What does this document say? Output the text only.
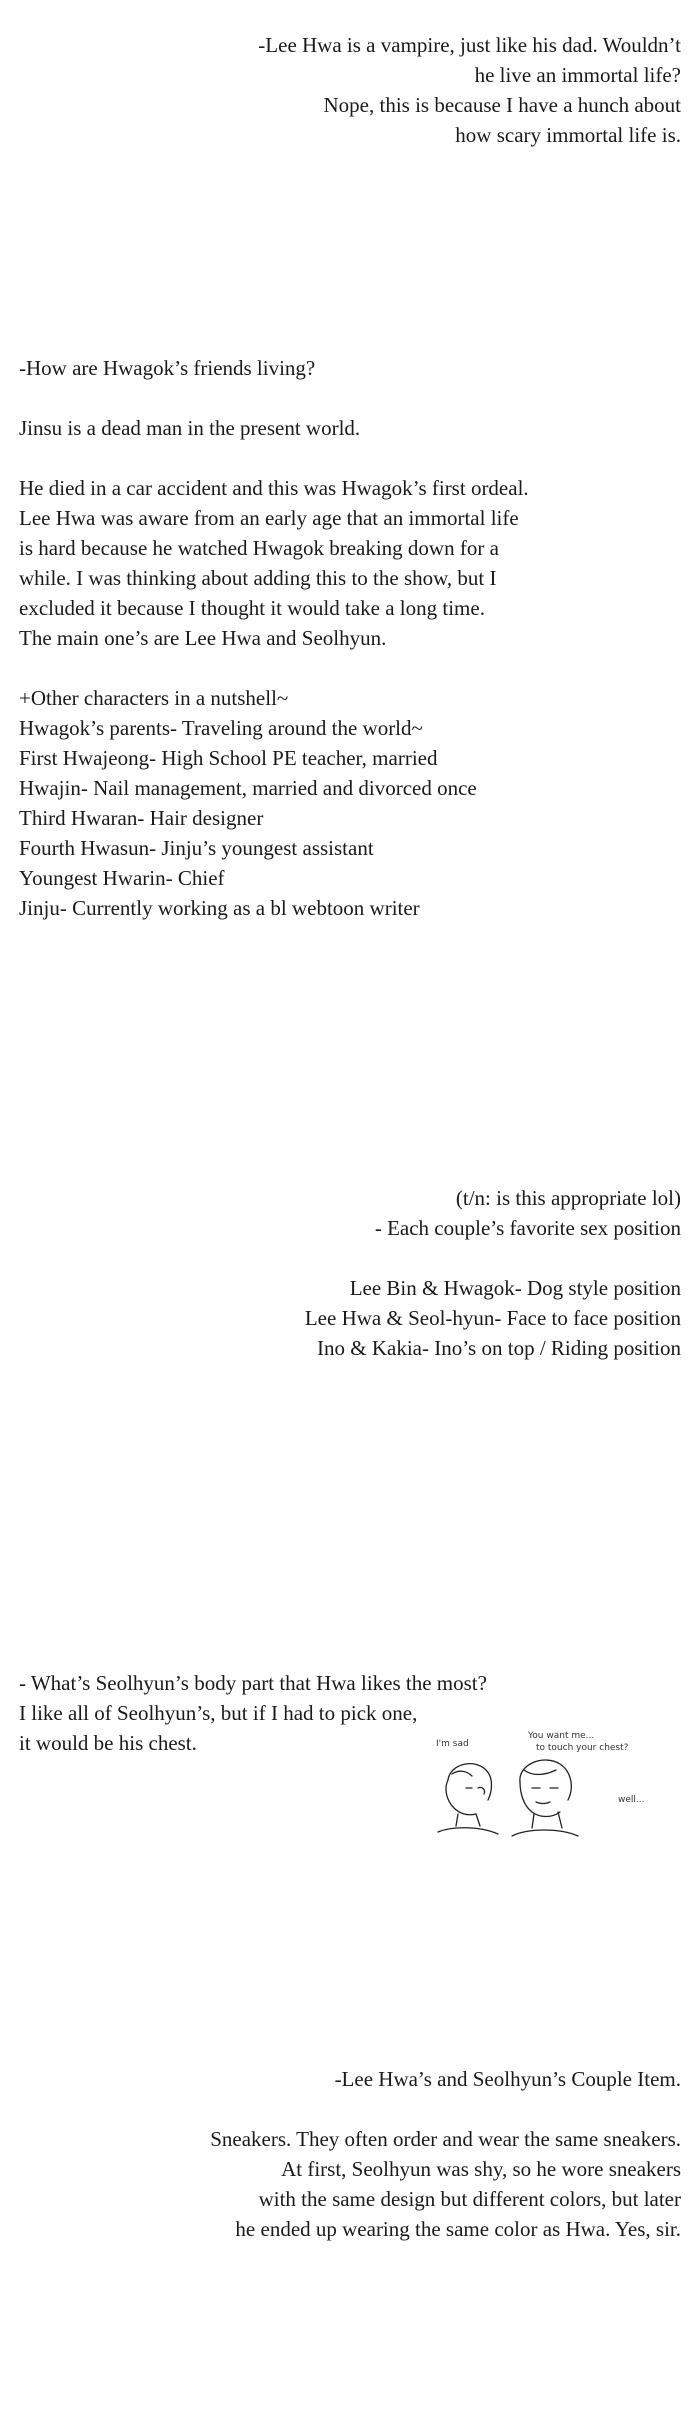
-Lee Hwa is a vampire, just like his dad. Wouldn’t

he live an immortal life?

Nope, this is because I have a hunch about

how scary immortal life is.

-How are Hwagok’s friends living?

Jinsu is a dead man in the present world.

He died in a car accident and this was Hwagok’s first ordeal.

Lee Hwa was aware from an early age that an immortal life

is hard because he watched Hwagok breaking down for a

while. I was thinking about adding this to the show, but I

excluded it because I thought it would take a long time.

The main one’s are Lee Hwa and Seolhyun.

+Other characters in a nutshell~

Hwagok’s parents- Traveling around the world~

First Hwajeong- High School PE teacher, married

Hwajin- Nail management, married and divorced once

Third Hwaran- Hair designer

Fourth Hwasun- Jinju’s youngest assistant

Youngest Hwarin- Chief

Jinju- Currently working as a bl webtoon writer

(t/n: is this appropriate lol)

- Each couple’s favorite sex position

Lee Bin & Hwagok- Dog style position

Lee Hwa & Seol-hyun- Face to face position

Ino & Kakia- Ino’s on top / Riding position

- What’s Seolhyun’s body part that Hwa likes the most?

I like all of Seolhyun’s, but if I had to pick one,

it would be his chest.	I'm sad
You want me...
to touch your chest?
well...

-Lee Hwa’s and Seolhyun’s Couple Item.

Sneakers. They often order and wear the same sneakers.

At first, Seolhyun was shy, so he wore sneakers

with the same design but different colors, but later

he ended up wearing the same color as Hwa. Yes, sir.
